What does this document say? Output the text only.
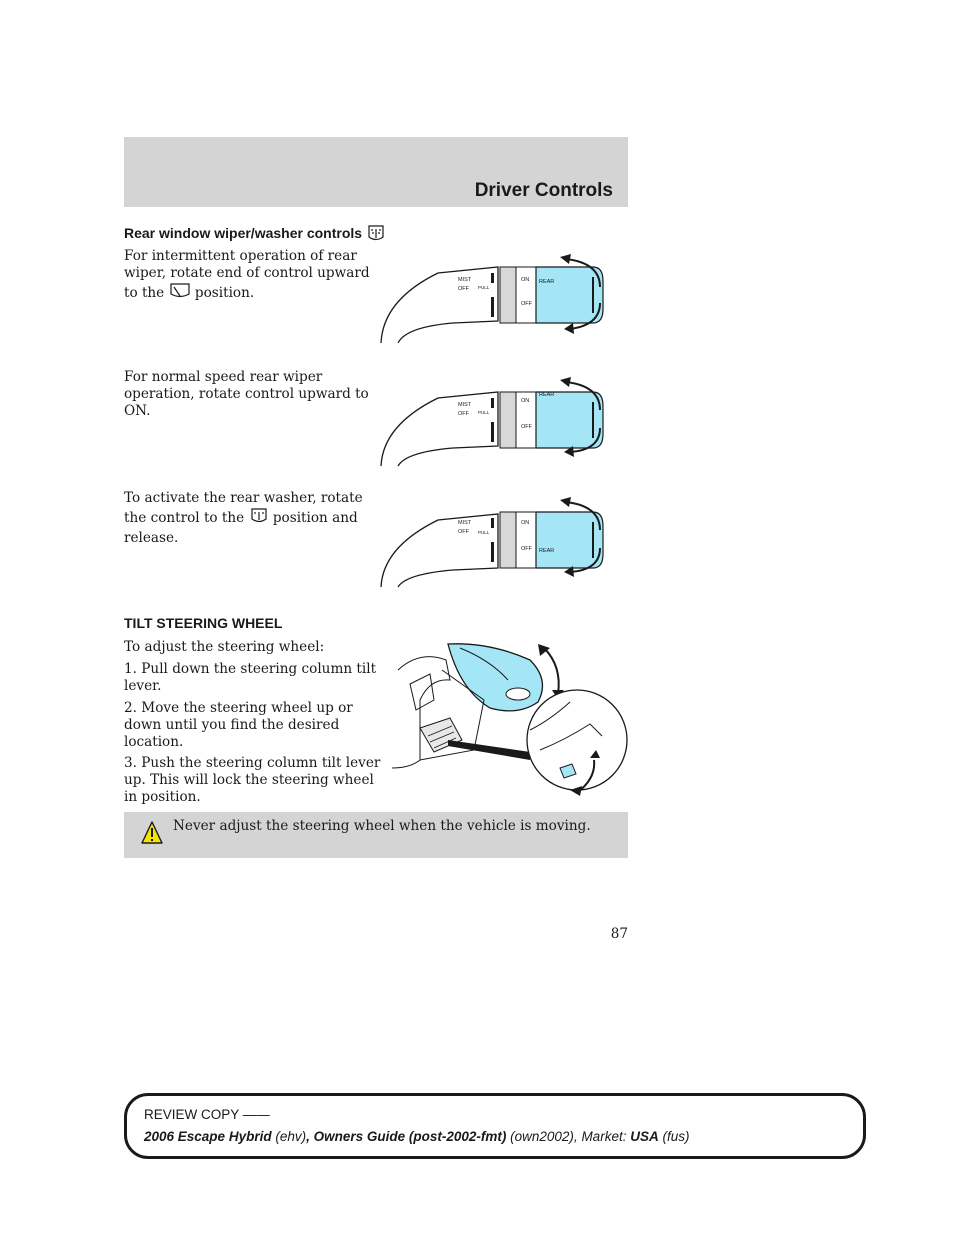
Driver Controls
Rear window wiper/washer controls
For intermittent operation of rear wiper, rotate end of control upward to the position.
For normal speed rear wiper operation, rotate control upward to ON.
To activate the rear washer, rotate the control to the position and release.
MIST
OFF PULL
ON
OFF
REAR
MIST
OFF PULL
ON
OFF
REAR
MIST
OFF PULL
ON
OFF REAR
TILT STEERING WHEEL
To adjust the steering wheel:
1. Pull down the steering column tilt lever.
2. Move the steering wheel up or down until you find the desired location.
3. Push the steering column tilt lever up. This will lock the steering wheel in position.
Never adjust the steering wheel when the vehicle is moving.
87
REVIEW COPY ——
2006 Escape Hybrid (ehv), Owners Guide (post-2002-fmt) (own2002), Market: USA (fus)
